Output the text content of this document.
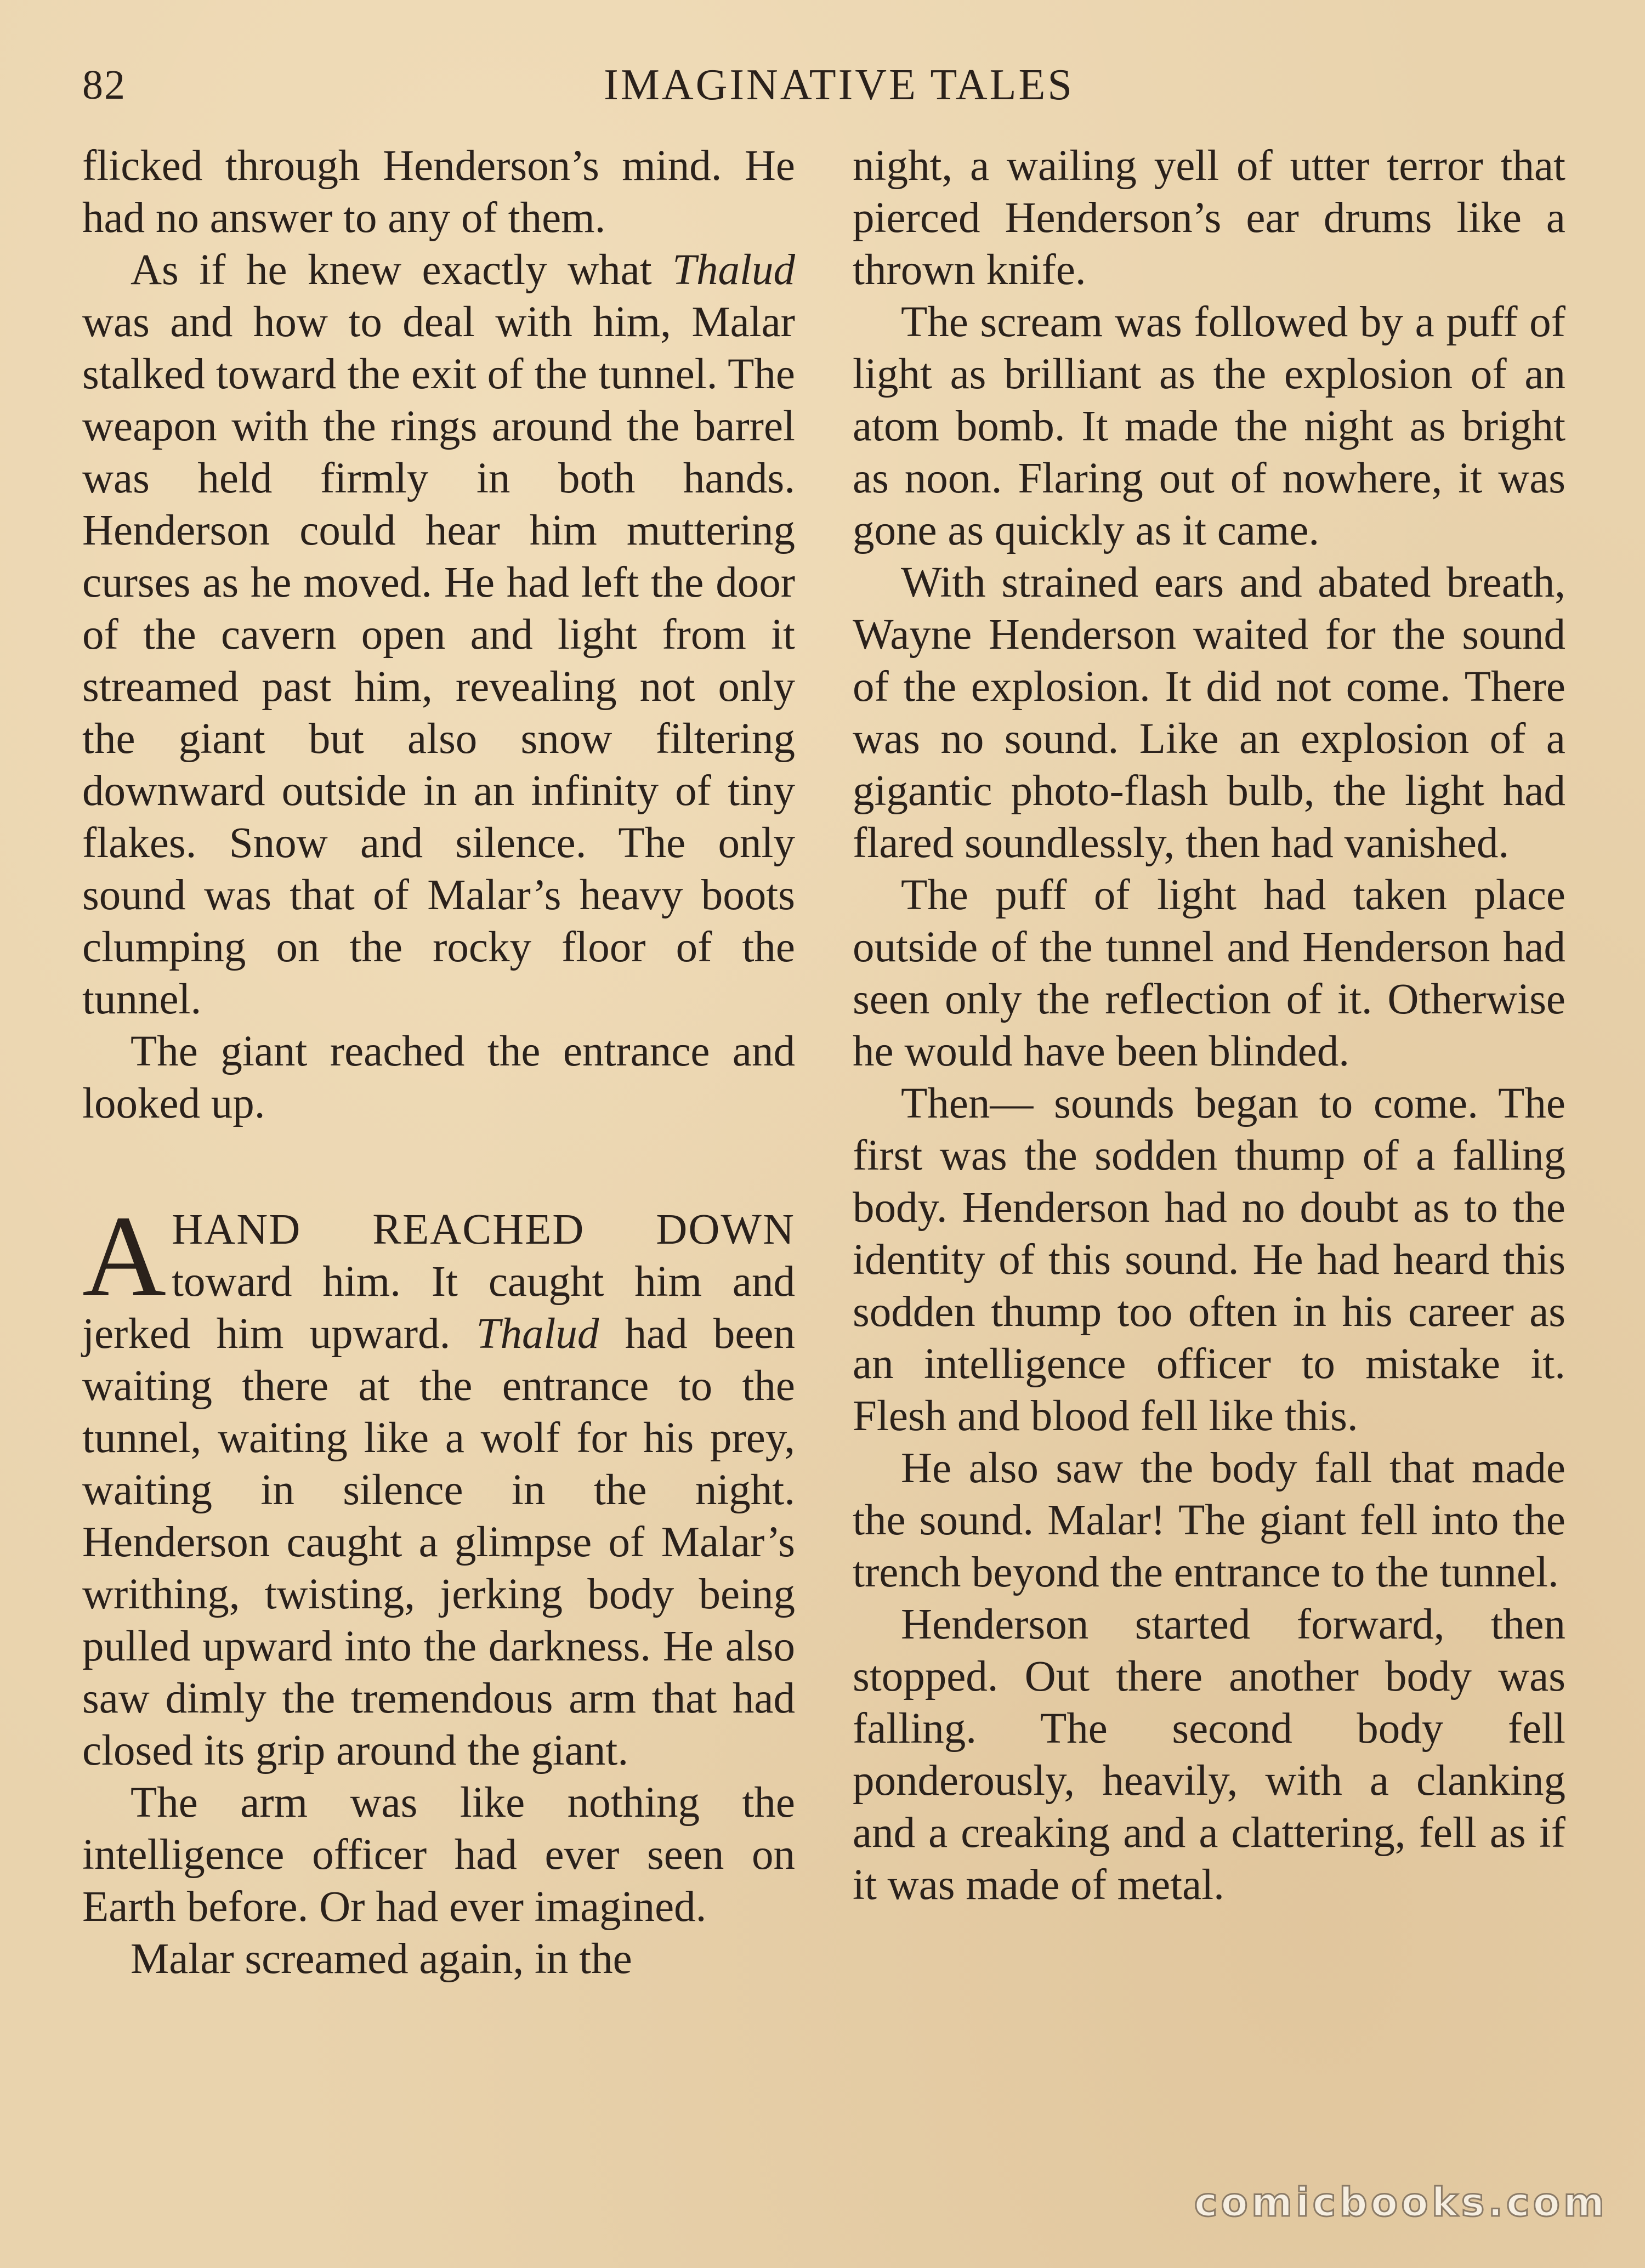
82	IMAGINATIVE TALES

flicked through Henderson’s mind. He had no answer to any of them.

As if he knew exactly what Thalud was and how to deal with him, Malar stalked toward the exit of the tunnel. The weapon with the rings around the barrel was held firmly in both hands. Henderson could hear him muttering curses as he moved. He had left the door of the cavern open and light from it streamed past him, revealing not only the giant but also snow filtering downward outside in an infinity of tiny flakes. Snow and silence. The only sound was that of Malar’s heavy boots clumping on the rocky floor of the tunnel.

The giant reached the entrance and looked up.

AHAND REACHED DOWN toward him. It caught him and jerked him upward. Thalud had been waiting there at the entrance to the tunnel, waiting like a wolf for his prey, waiting in silence in the night. Henderson caught a glimpse of Malar’s writhing, twisting, jerking body being pulled upward into the darkness. He also saw dimly the tremendous arm that had closed its grip around the giant.

The arm was like nothing the intelligence officer had ever seen on Earth before. Or had ever imagined.

Malar screamed again, in the

night, a wailing yell of utter terror that pierced Henderson’s ear drums like a thrown knife.

The scream was followed by a puff of light as brilliant as the explosion of an atom bomb. It made the night as bright as noon. Flaring out of nowhere, it was gone as quickly as it came.

With strained ears and abated breath, Wayne Henderson waited for the sound of the explosion. It did not come. There was no sound. Like an explosion of a gigantic photo-flash bulb, the light had flared soundlessly, then had vanished.

The puff of light had taken place outside of the tunnel and Henderson had seen only the reflection of it. Otherwise he would have been blinded.

Then— sounds began to come. The first was the sodden thump of a falling body. Henderson had no doubt as to the identity of this sound. He had heard this sodden thump too often in his career as an intelligence officer to mistake it. Flesh and blood fell like this.

He also saw the body fall that made the sound. Malar! The giant fell into the trench beyond the entrance to the tunnel.

Henderson started forward, then stopped. Out there another body was falling. The second body fell ponderously, heavily, with a clanking and a creaking and a clattering, fell as if it was made of metal.

comicbooks.com
